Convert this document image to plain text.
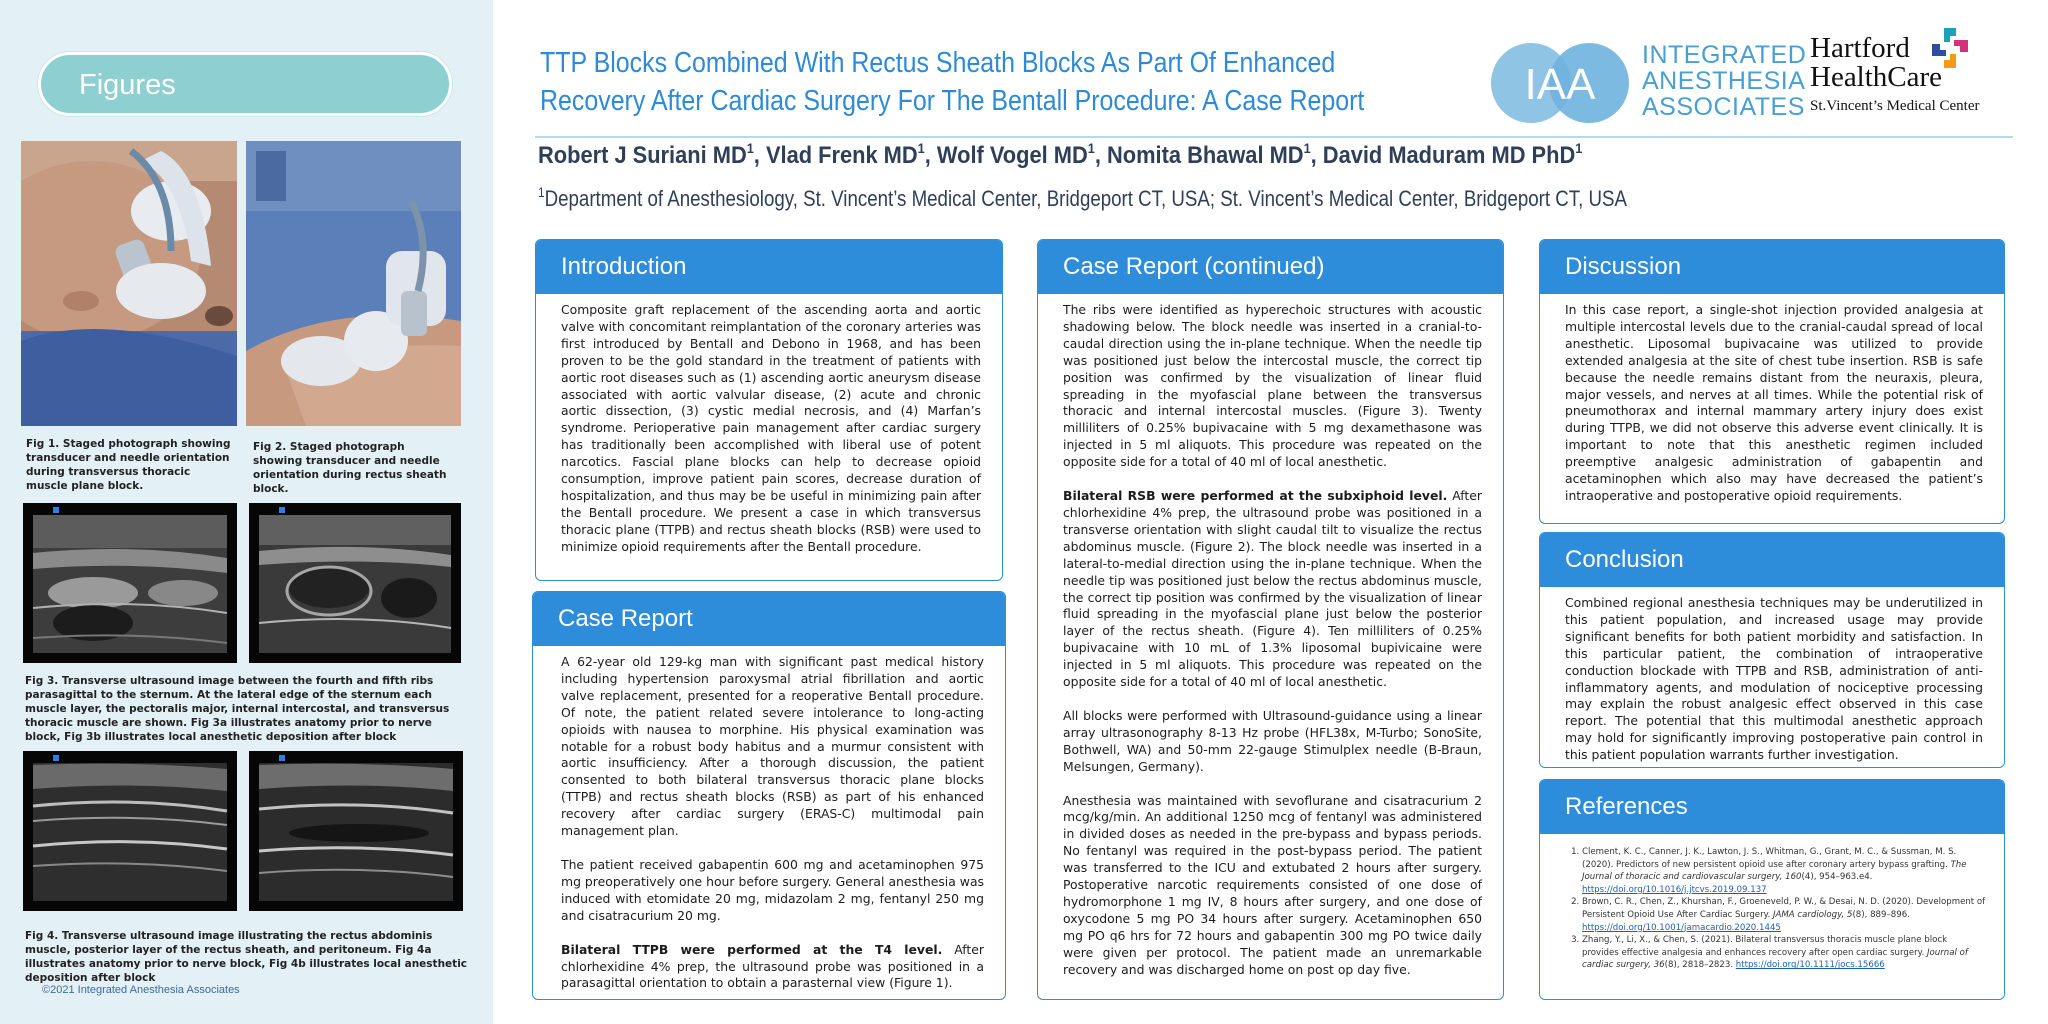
Figures
Fig 1. Staged photograph showing transducer and needle orientation during transversus thoracic muscle plane block.
Fig 2. Staged photograph showing transducer and needle orientation during rectus sheath block.
Fig 3. Transverse ultrasound image between the fourth and fifth ribs parasagittal to the sternum. At the lateral edge of the sternum each muscle layer, the pectoralis major, internal intercostal, and transversus thoracic muscle are shown. Fig 3a illustrates anatomy prior to nerve block, Fig 3b illustrates local anesthetic deposition after block
Fig 4. Transverse ultrasound image illustrating the rectus abdominis muscle, posterior layer of the rectus sheath, and peritoneum. Fig 4a illustrates anatomy prior to nerve block, Fig 4b illustrates local anesthetic deposition after block
©2021 Integrated Anesthesia Associates
TTP Blocks Combined With Rectus Sheath Blocks As Part Of Enhanced
Recovery After Cardiac Surgery For The Bentall Procedure: A Case Report	IAA
INTEGRATED
ANESTHESIA
ASSOCIATES
Hartford
HealthCare
St.Vincent’s Medical Center
Robert J Suriani $MD^1$, Vlad Frenk $MD^1$, Wolf Vogel $MD^1$, Nomita Bhawal $MD^1$, David Maduram MD PhD$^1$
$^1$Department of Anesthesiology, St. Vincent’s Medical Center, Bridgeport CT, USA; St. Vincent’s Medical Center, Bridgeport CT, USA
Introduction

Composite graft replacement of the ascending aorta and aortic valve with concomitant reimplantation of the coronary arteries was first introduced by Bentall and Debono in 1968, and has been proven to be the gold standard in the treatment of patients with aortic root diseases such as (1) ascending aortic aneurysm disease associated with aortic valvular disease, (2) acute and chronic aortic dissection, (3) cystic medial necrosis, and (4) Marfan’s syndrome. Perioperative pain management after cardiac surgery has traditionally been accomplished with liberal use of potent narcotics. Fascial plane blocks can help to decrease opioid consumption, improve patient pain scores, decrease duration of hospitalization, and thus may be be useful in minimizing pain after the Bentall procedure. We present a case in which transversus thoracic plane (TTPB) and rectus sheath blocks (RSB) were used to minimize opioid requirements after the Bentall procedure.

Case Report

A 62-year old 129-kg man with significant past medical history including hypertension paroxysmal atrial fibrillation and aortic valve replacement, presented for a reoperative Bentall procedure. Of note, the patient related severe intolerance to long-acting opioids with nausea to morphine. His physical examination was notable for a robust body habitus and a murmur consistent with aortic insufficiency. After a thorough discussion, the patient consented to both bilateral transversus thoracic plane blocks (TTPB) and rectus sheath blocks (RSB) as part of his enhanced recovery after cardiac surgery (ERAS-C) multimodal pain management plan.

The patient received gabapentin 600 mg and acetaminophen 975 mg preoperatively one hour before surgery. General anesthesia was induced with etomidate 20 mg, midazolam 2 mg, fentanyl 250 mg and cisatracurium 20 mg.

Bilateral TTPB were performed at the T4 level. After chlorhexidine 4% prep, the ultrasound probe was positioned in a parasagittal orientation to obtain a parasternal view (Figure 1).

Case Report (continued)

The ribs were identified as hyperechoic structures with acoustic shadowing below. The block needle was inserted in a cranial-to-caudal direction using the in-plane technique. When the needle tip was positioned just below the intercostal muscle, the correct tip position was confirmed by the visualization of linear fluid spreading in the myofascial plane between the transversus thoracic and internal intercostal muscles. (Figure 3). Twenty milliliters of 0.25% bupivacaine with 5 mg dexamethasone was injected in 5 ml aliquots. This procedure was repeated on the opposite side for a total of 40 ml of local anesthetic.

Bilateral RSB were performed at the subxiphoid level. After chlorhexidine 4% prep, the ultrasound probe was positioned in a transverse orientation with slight caudal tilt to visualize the rectus abdominus muscle. (Figure 2). The block needle was inserted in a lateral-to-medial direction using the in-plane technique. When the needle tip was positioned just below the rectus abdominus muscle, the correct tip position was confirmed by the visualization of linear fluid spreading in the myofascial plane just below the posterior layer of the rectus sheath. (Figure 4). Ten milliliters of 0.25% bupivacaine with 10 mL of 1.3% liposomal bupivicaine were injected in 5 ml aliquots. This procedure was repeated on the opposite side for a total of 40 ml of local anesthetic.

All blocks were performed with Ultrasound-guidance using a linear array ultrasonography 8-13 Hz probe (HFL38x, M-Turbo; SonoSite, Bothwell, WA) and 50-mm 22-gauge Stimulplex needle (B-Braun, Melsungen, Germany).

Anesthesia was maintained with sevoflurane and cisatracurium 2 mcg/kg/min. An additional 1250 mcg of fentanyl was administered in divided doses as needed in the pre-bypass and bypass periods. No fentanyl was required in the post-bypass period. The patient was transferred to the ICU and extubated 2 hours after surgery. Postoperative narcotic requirements consisted of one dose of hydromorphone 1 mg IV, 8 hours after surgery, and one dose of oxycodone 5 mg PO 34 hours after surgery. Acetaminophen 650 mg PO q6 hrs for 72 hours and gabapentin 300 mg PO twice daily were given per protocol. The patient made an unremarkable recovery and was discharged home on post op day five.

Discussion

In this case report, a single-shot injection provided analgesia at multiple intercostal levels due to the cranial-caudal spread of local anesthetic. Liposomal bupivacaine was utilized to provide extended analgesia at the site of chest tube insertion. RSB is safe because the needle remains distant from the neuraxis, pleura, major vessels, and nerves at all times. While the potential risk of pneumothorax and internal mammary artery injury does exist during TTPB, we did not observe this adverse event clinically. It is important to note that this anesthetic regimen included preemptive analgesic administration of gabapentin and acetaminophen which also may have decreased the patient’s intraoperative and postoperative opioid requirements.

Conclusion

Combined regional anesthesia techniques may be underutilized in this patient population, and increased usage may provide significant benefits for both patient morbidity and satisfaction. In this particular patient, the combination of intraoperative conduction blockade with TTPB and RSB, administration of anti-inflammatory agents, and modulation of nociceptive processing may explain the robust analgesic effect observed in this case report. The potential that this multimodal anesthetic approach may hold for significantly improving postoperative pain control in this patient population warrants further investigation.

References
1. Clement, K. C., Canner, J. K., Lawton, J. S., Whitman, G., Grant, M. C., & Sussman, M. S. (2020). Predictors of new persistent opioid use after coronary artery bypass grafting. The Journal of thoracic and cardiovascular surgery, 160(4), 954–963.e4. https://doi.org/10.1016/j.jtcvs.2019.09.137
2. Brown, C. R., Chen, Z., Khurshan, F., Groeneveld, P. W., & Desai, N. D. (2020). Development of Persistent Opioid Use After Cardiac Surgery. JAMA cardiology, 5(8), 889–896. https://doi.org/10.1001/jamacardio.2020.1445
3. Zhang, Y., Li, X., & Chen, S. (2021). Bilateral transversus thoracis muscle plane block provides effective analgesia and enhances recovery after open cardiac surgery. Journal of cardiac surgery, 36(8), 2818–2823. https://doi.org/10.1111/jocs.15666
